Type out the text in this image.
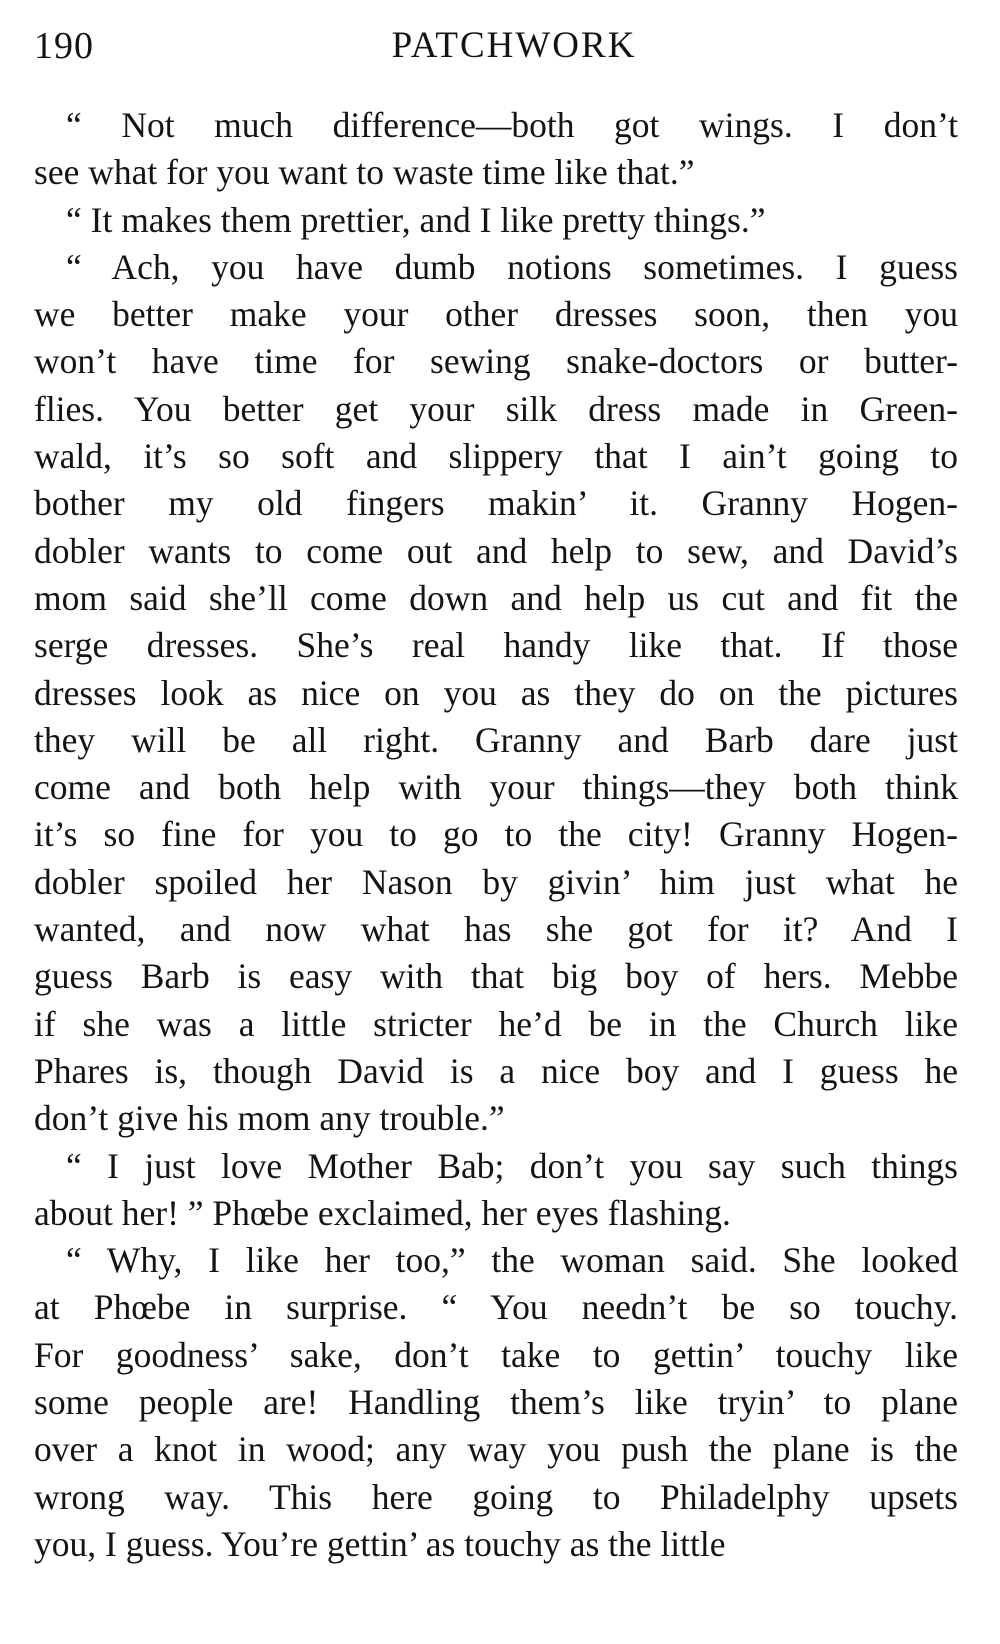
190	PATCHWORK
“ Not much difference—both got wings. I don’t
see what for you want to waste time like that.”
“ It makes them prettier, and I like pretty things.”
“ Ach, you have dumb notions sometimes. I guess
we better make your other dresses soon, then you
won’t have time for sewing snake-doctors or butter-
flies. You better get your silk dress made in Green-
wald, it’s so soft and slippery that I ain’t going to
bother my old fingers makin’ it. Granny Hogen-
dobler wants to come out and help to sew, and David’s
mom said she’ll come down and help us cut and fit the
serge dresses. She’s real handy like that. If those
dresses look as nice on you as they do on the pictures
they will be all right. Granny and Barb dare just
come and both help with your things—they both think
it’s so fine for you to go to the city! Granny Hogen-
dobler spoiled her Nason by givin’ him just what he
wanted, and now what has she got for it? And I
guess Barb is easy with that big boy of hers. Mebbe
if she was a little stricter he’d be in the Church like
Phares is, though David is a nice boy and I guess he
don’t give his mom any trouble.”
“ I just love Mother Bab; don’t you say such things
about her! ” Phœbe exclaimed, her eyes flashing.
“ Why, I like her too,” the woman said. She looked
at Phœbe in surprise. “ You needn’t be so touchy.
For goodness’ sake, don’t take to gettin’ touchy like
some people are! Handling them’s like tryin’ to plane
over a knot in wood; any way you push the plane is the
wrong way. This here going to Philadelphy upsets
you, I guess. You’re gettin’ as touchy as the little
